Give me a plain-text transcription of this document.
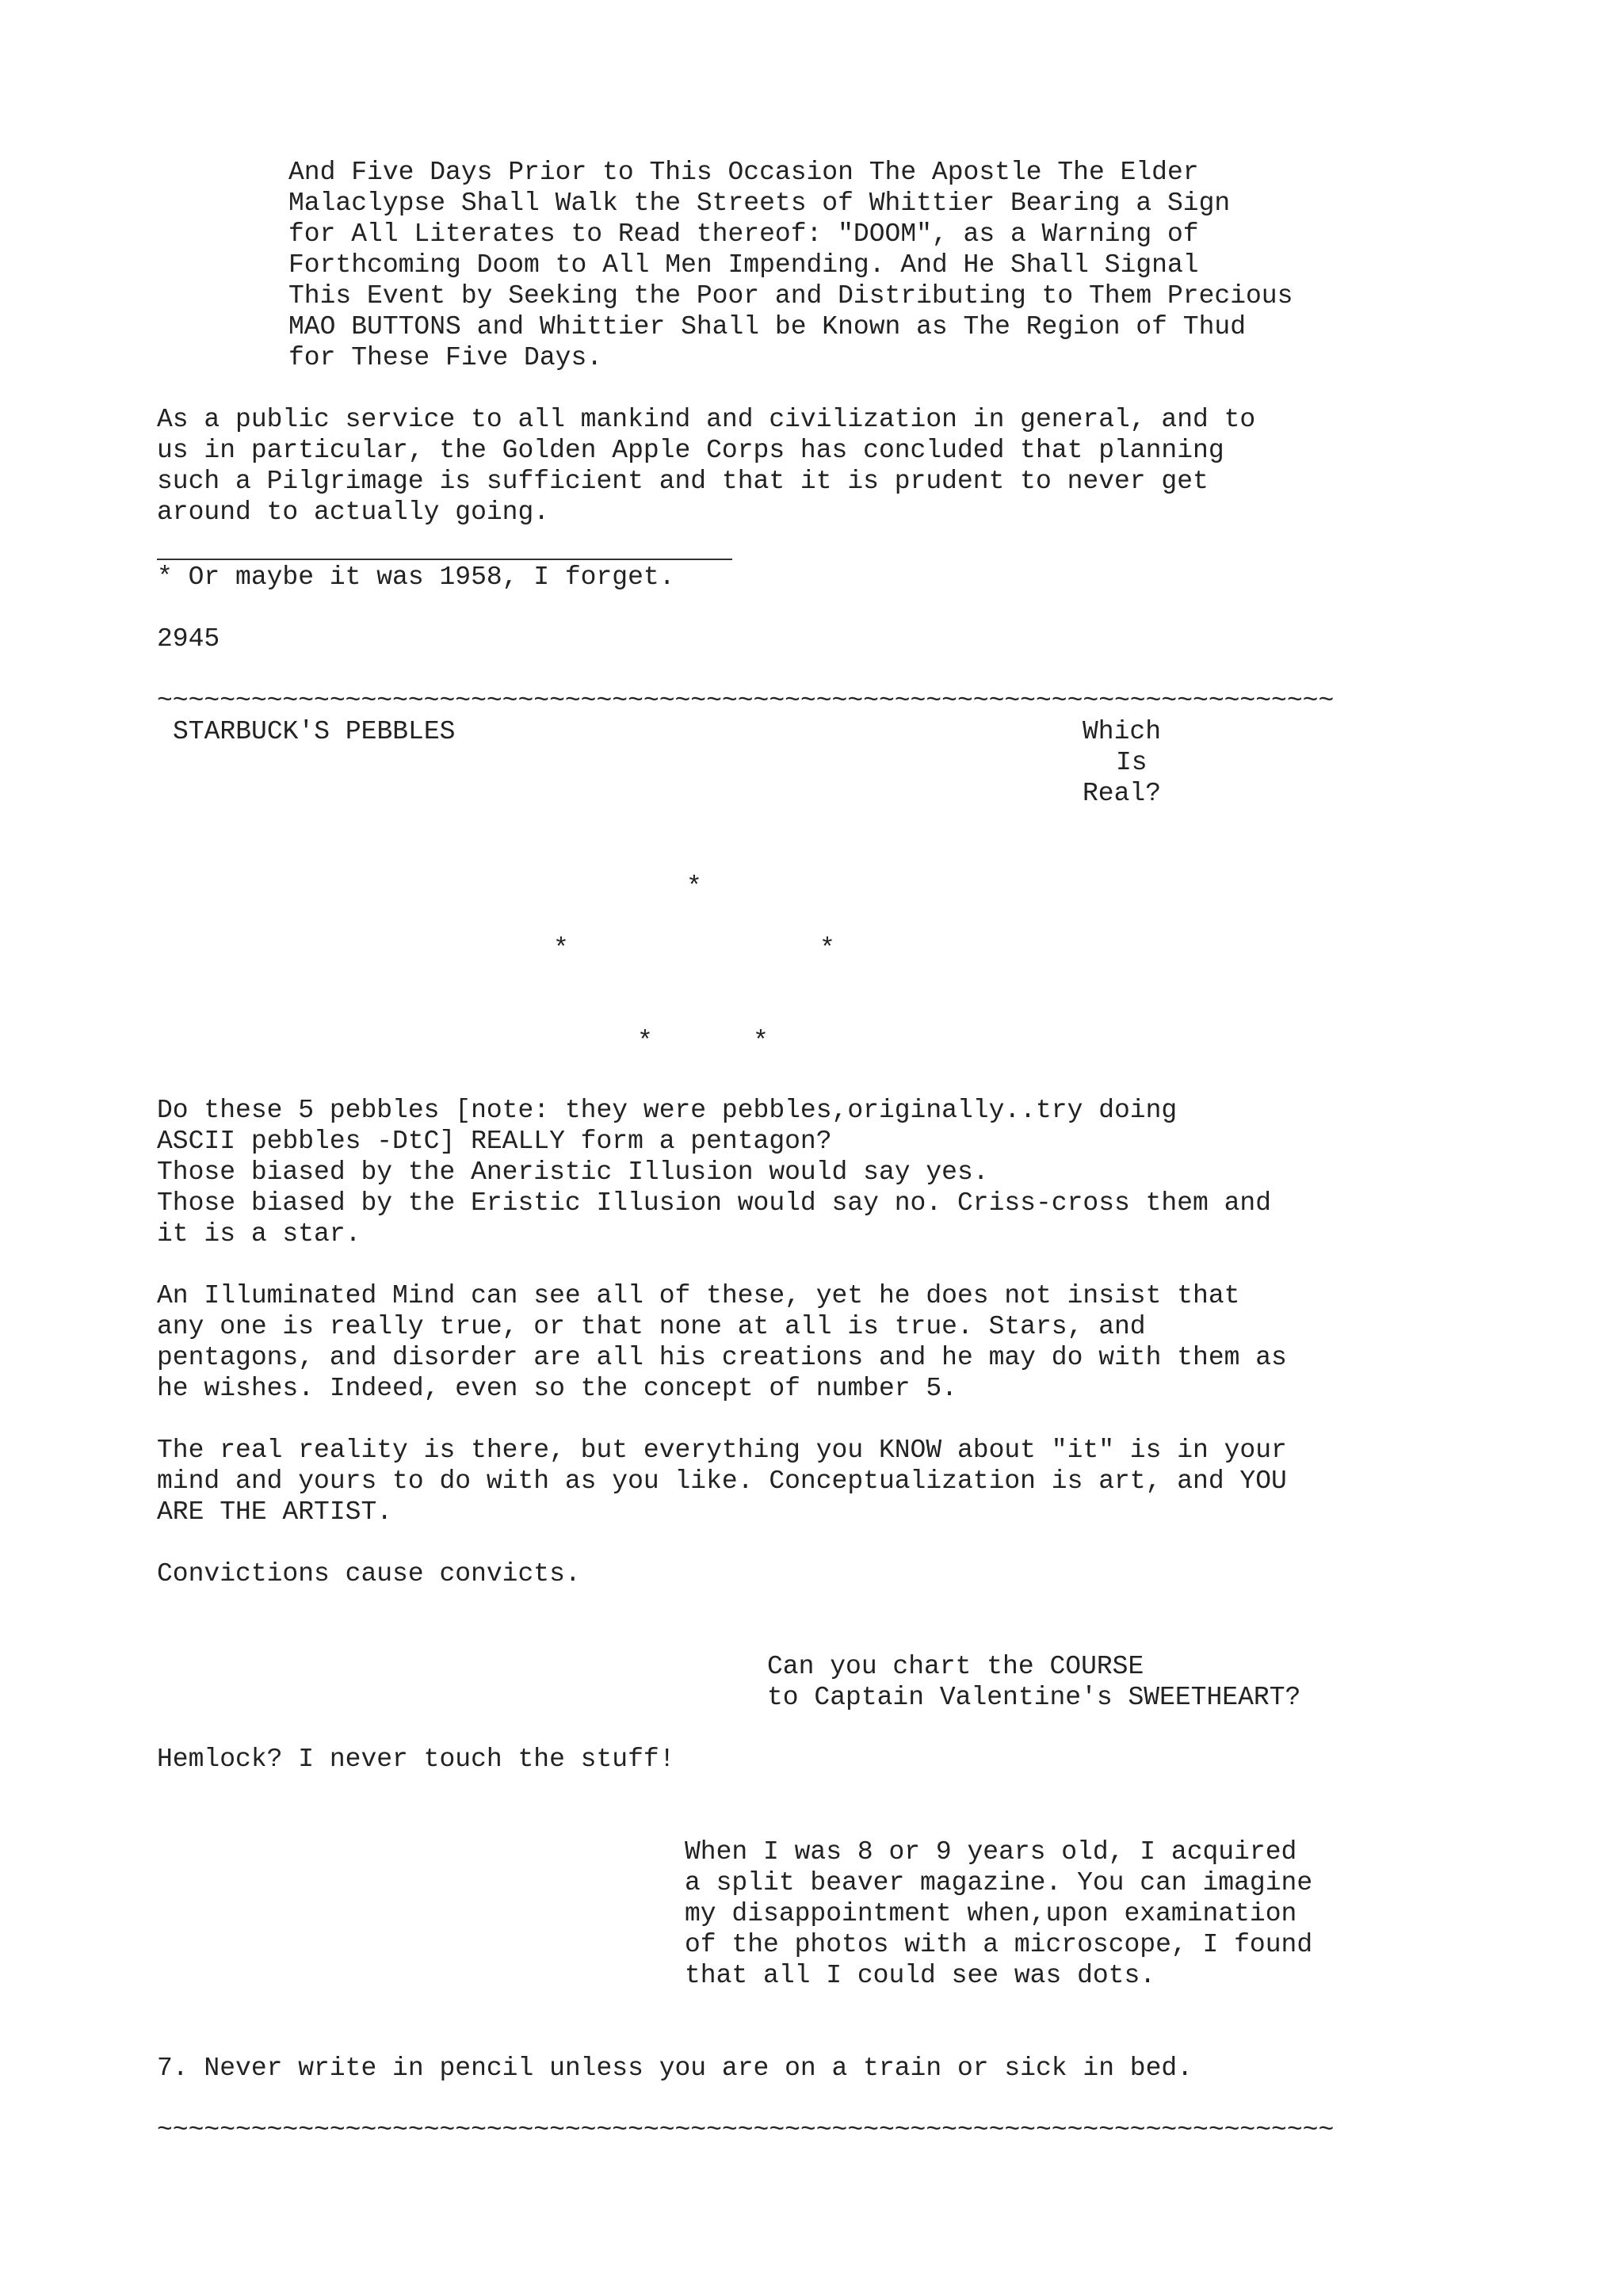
And Five Days Prior to This Occasion The Apostle The Elder
Malaclypse Shall Walk the Streets of Whittier Bearing a Sign
for All Literates to Read thereof: "DOOM", as a Warning of
Forthcoming Doom to All Men Impending. And He Shall Signal
This Event by Seeking the Poor and Distributing to Them Precious
MAO BUTTONS and Whittier Shall be Known as The Region of Thud
for These Five Days.
As a public service to all mankind and civilization in general, and to
us in particular, the Golden Apple Corps has concluded that planning
such a Pilgrimage is sufficient and that it is prudent to never get
around to actually going.
* Or maybe it was 1958, I forget.
2945
~~~~~~~~~~~~~~~~~~~~~~~~~~~~~~~~~~~~~~~~~~~~~~~~~~~~~~~~~~~~~~~~~~~~~~~~~~~
STARBUCK'S PEBBLES	Which
Is
Real?
*
*	*
*	*
Do these 5 pebbles [note: they were pebbles,originally..try doing
ASCII pebbles -DtC] REALLY form a pentagon?
Those biased by the Aneristic Illusion would say yes.
Those biased by the Eristic Illusion would say no. Criss-cross them and
it is a star.
An Illuminated Mind can see all of these, yet he does not insist that
any one is really true, or that none at all is true. Stars, and
pentagons, and disorder are all his creations and he may do with them as
he wishes. Indeed, even so the concept of number 5.
The real reality is there, but everything you KNOW about "it" is in your
mind and yours to do with as you like. Conceptualization is art, and YOU
ARE THE ARTIST.
Convictions cause convicts.
Can you chart the COURSE
to Captain Valentine's SWEETHEART?
Hemlock? I never touch the stuff!
When I was 8 or 9 years old, I acquired
a split beaver magazine. You can imagine
my disappointment when,upon examination
of the photos with a microscope, I found
that all I could see was dots.
7. Never write in pencil unless you are on a train or sick in bed.
~~~~~~~~~~~~~~~~~~~~~~~~~~~~~~~~~~~~~~~~~~~~~~~~~~~~~~~~~~~~~~~~~~~~~~~~~~~
